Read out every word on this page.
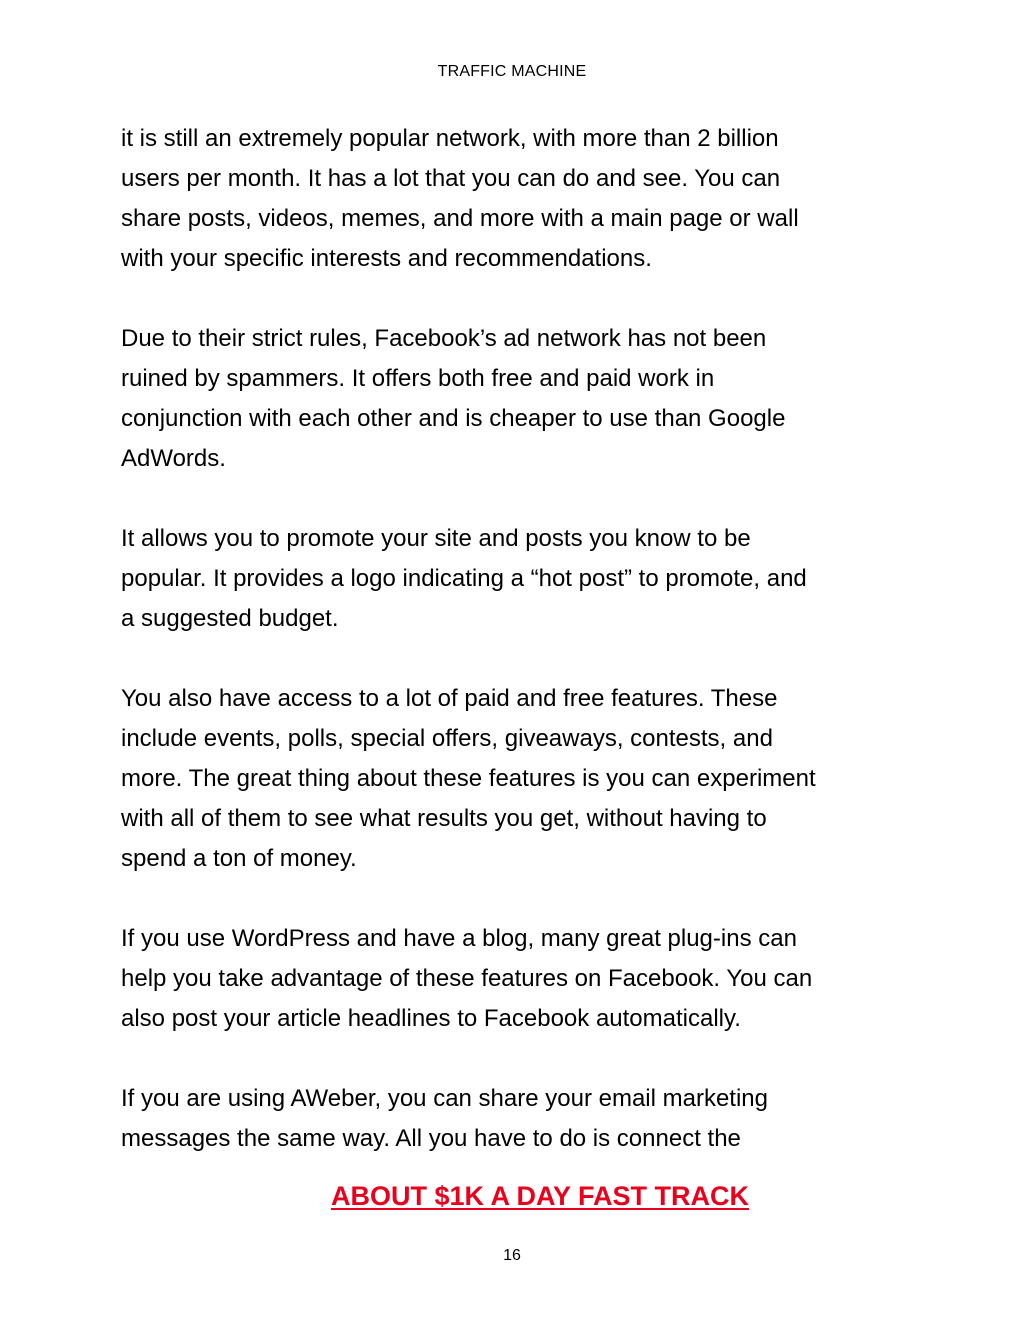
TRAFFIC MACHINE

it is still an extremely popular network, with more than 2 billion
users per month. It has a lot that you can do and see. You can
share posts, videos, memes, and more with a main page or wall
with your specific interests and recommendations.

Due to their strict rules, Facebook’s ad network has not been
ruined by spammers. It offers both free and paid work in
conjunction with each other and is cheaper to use than Google
AdWords.

It allows you to promote your site and posts you know to be
popular. It provides a logo indicating a “hot post” to promote, and
a suggested budget.

You also have access to a lot of paid and free features. These
include events, polls, special offers, giveaways, contests, and
more. The great thing about these features is you can experiment
with all of them to see what results you get, without having to
spend a ton of money.

If you use WordPress and have a blog, many great plug-ins can
help you take advantage of these features on Facebook. You can
also post your article headlines to Facebook automatically.

If you are using AWeber, you can share your email marketing
messages the same way. All you have to do is connect the

ABOUT $1K A DAY FAST TRACK
16
